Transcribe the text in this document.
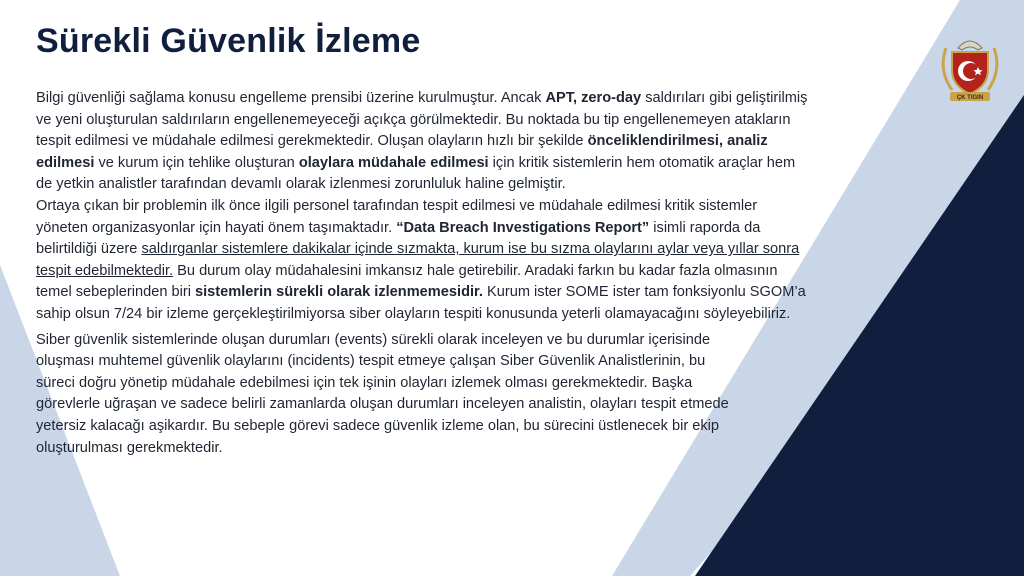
Sürekli Güvenlik İzleme

Bilgi güvenliği sağlama konusu engelleme prensibi üzerine kurulmuştur. Ancak APT, zero-day saldırıları gibi geliştirilmiş ve yeni oluşturulan saldırıların engellenemeyeceği açıkça görülmektedir. Bu noktada bu tip engellenemeyen atakların tespit edilmesi ve müdahale edilmesi gerekmektedir. Oluşan olayların hızlı bir şekilde önceliklendirilmesi, analiz edilmesi ve kurum için tehlike oluşturan olaylara müdahale edilmesi için kritik sistemlerin hem otomatik araçlar hem de yetkin analistler tarafından devamlı olarak izlenmesi zorunluluk haline gelmiştir.
Ortaya çıkan bir problemin ilk önce ilgili personel tarafından tespit edilmesi ve müdahale edilmesi kritik sistemler yöneten organizasyonlar için hayati önem taşımaktadır. “Data Breach Investigations Report” isimli raporda da belirtildiği üzere saldırganlar sistemlere dakikalar içinde sızmakta, kurum ise bu sızma olaylarını aylar veya yıllar sonra tespit edebilmektedir. Bu durum olay müdahalesini imkansız hale getirebilir. Aradaki farkın bu kadar fazla olmasının temel sebeplerinden biri sistemlerin sürekli olarak izlenmemesidir. Kurum ister SOME ister tam fonksiyonlu SGOM’a sahip olsun 7/24 bir izleme gerçekleştirilmiyorsa siber olayların tespiti konusunda yeterli olamayacağını söyleyebiliriz.

Siber güvenlik sistemlerinde oluşan durumları (events) sürekli olarak inceleyen ve bu durumlar içerisinde oluşması muhtemel güvenlik olaylarını (incidents) tespit etmeye çalışan Siber Güvenlik Analistlerinin, bu süreci doğru yönetip müdahale edebilmesi için tek işinin olayları izlemek olması gerekmektedir. Başka görevlerle uğraşan ve sadece belirli zamanlarda oluşan durumları inceleyen analistin, olayları tespit etmede yetersiz kalacağı aşikardır. Bu sebeple görevi sadece güvenlik izleme olan, bu sürecini üstlenecek bir ekip oluşturulması gerekmektedir.

ÇK TIGIN
